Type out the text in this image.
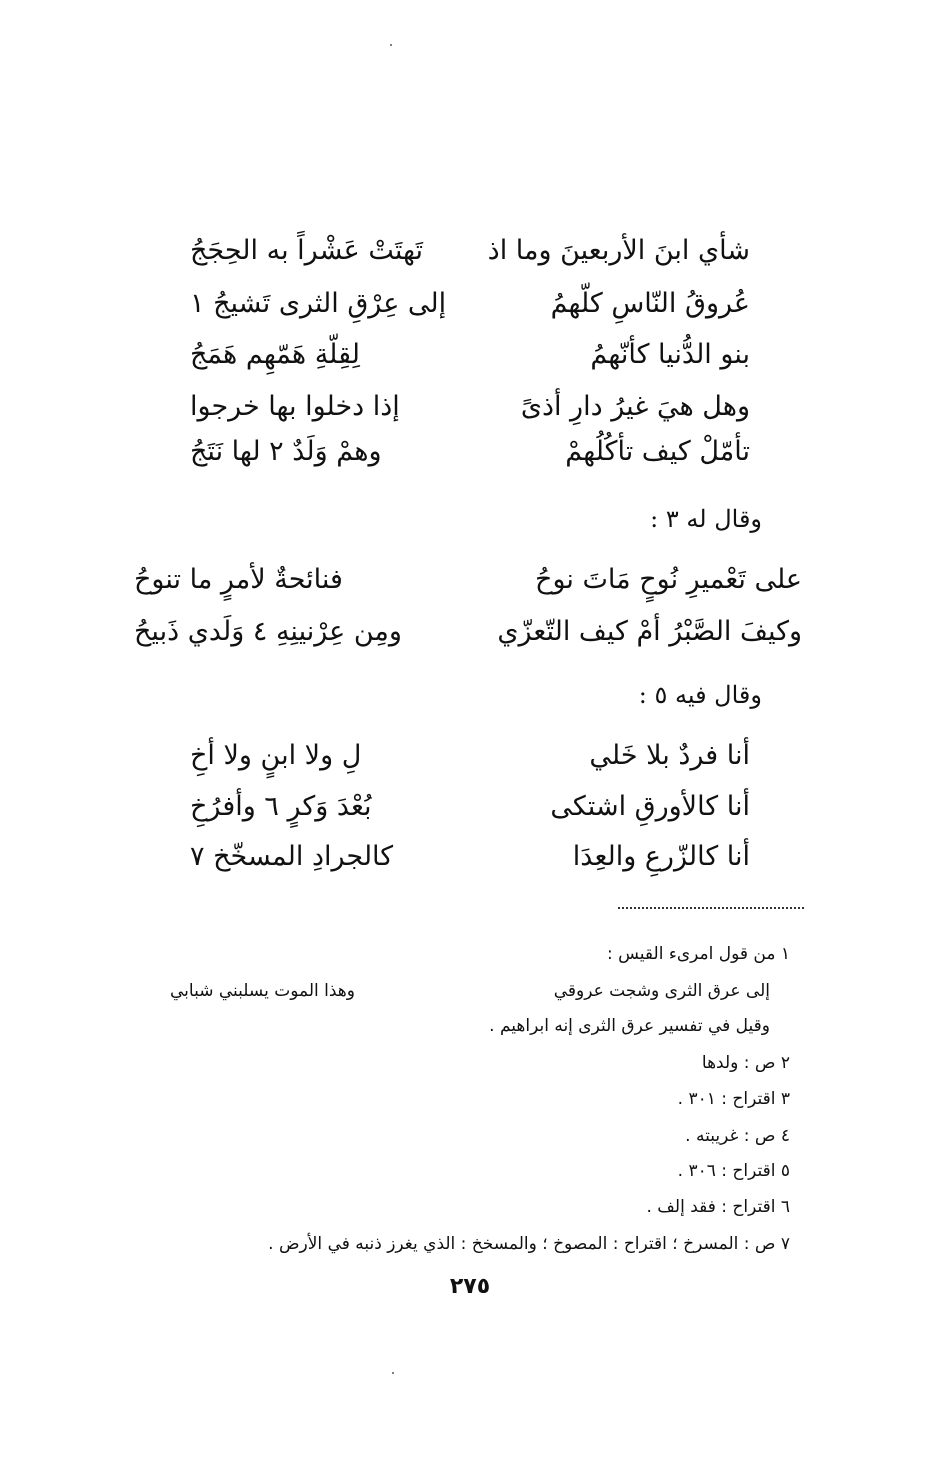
شأي ابنَ الأربعينَ وما اذ
تَهتَتْ عَشْراً به الحِجَجُ
عُروقُ النّاسِ كلّهمُ
إلى عِرْقِ الثرى تَشيجُ ١
بنو الدُّنيا كأنّهمُ
لِقِلّةِ هَمّهِم هَمَجُ
وهل هيَ غيرُ دارِ أذىً
إذا دخلوا بها خرجوا
تأمّلْ كيف تأكُلُهمْ
وهمْ وَلَدٌ ٢ لها نَتَجُ
وقال له ٣ :
على تَعْميرِ نُوحٍ مَاتَ نوحُ
فنائحةٌ لأمرٍ ما تنوحُ
وكيفَ الصَّبْرُ أمْ كيف التّعزّي
ومِن عِرْنينِهِ ٤ وَلَدي ذَبيحُ
وقال فيه ٥ :
أنا فردٌ بلا خَلي
لِ ولا ابنٍ ولا أخِ
أنا كالأورقِ اشتكى
بُعْدَ وَكرٍ ٦ وأفرُخِ
أنا كالزّرعِ والعِدَا
كالجرادِ المسخّخ ٧
١ من قول امرىء القيس :
إلى عرق الثرى وشجت عروقي
وهذا الموت يسلبني شبابي
وقيل في تفسير عرق الثرى إنه ابراهيم .
٢ ص : ولدها
٣ اقتراح : ٣٠١ .
٤ ص : غريبته .
٥ اقتراح : ٣٠٦ .
٦ اقتراح : فقد إلف .
٧ ص : المسرخ ؛ اقتراح : المصوخ ؛ والمسخخ : الذي يغرز ذنبه في الأرض .
٢٧٥
